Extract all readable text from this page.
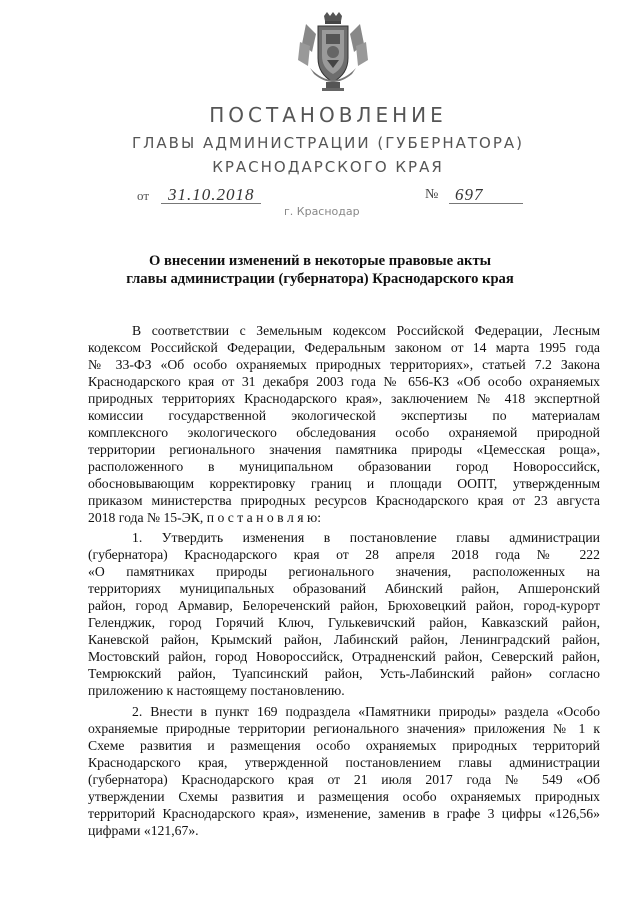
ПОСТАНОВЛЕНИЕ
ГЛАВЫ АДМИНИСТРАЦИИ (ГУБЕРНАТОРА)
КРАСНОДАРСКОГО КРАЯ
от 31.10.2018	№ 697
г. Краснодар
О внесении изменений в некоторые правовые акты
главы администрации (губернатора) Краснодарского края
В соответствии с Земельным кодексом Российской Федерации, Лесным
кодексом Российской Федерации, Федеральным законом от 14 марта 1995 года
№ 33-ФЗ «Об особо охраняемых природных территориях», статьей 7.2 Закона
Краснодарского края от 31 декабря 2003 года № 656-КЗ «Об особо охраняемых
природных территориях Краснодарского края», заключением № 418 экспертной
комиссии государственной экологической экспертизы по материалам
комплексного экологического обследования особо охраняемой природной
территории регионального значения памятника природы «Цемесская роща»,
расположенного в муниципальном образовании город Новороссийск,
обосновывающим корректировку границ и площади ООПТ, утвержденным
приказом министерства природных ресурсов Краснодарского края от 23 августа
2018 года № 15-ЭК, п о с т а н о в л я ю:
1. Утвердить изменения в постановление главы администрации
(губернатора) Краснодарского края от 28 апреля 2018 года № 222
«О памятниках природы регионального значения, расположенных на
территориях муниципальных образований Абинский район, Апшеронский
район, город Армавир, Белореченский район, Брюховецкий район, город-курорт
Геленджик, город Горячий Ключ, Гулькевичский район, Кавказский район,
Каневской район, Крымский район, Лабинский район, Ленинградский район,
Мостовский район, город Новороссийск, Отрадненский район, Северский район,
Темрюкский район, Туапсинский район, Усть-Лабинский район» согласно
приложению к настоящему постановлению.
2. Внести в пункт 169 подраздела «Памятники природы» раздела «Особо
охраняемые природные территории регионального значения» приложения № 1 к
Схеме развития и размещения особо охраняемых природных территорий
Краснодарского края, утвержденной постановлением главы администрации
(губернатора) Краснодарского края от 21 июля 2017 года № 549 «Об
утверждении Схемы развития и размещения особо охраняемых природных
территорий Краснодарского края», изменение, заменив в графе 3 цифры «126,56»
цифрами «121,67».
